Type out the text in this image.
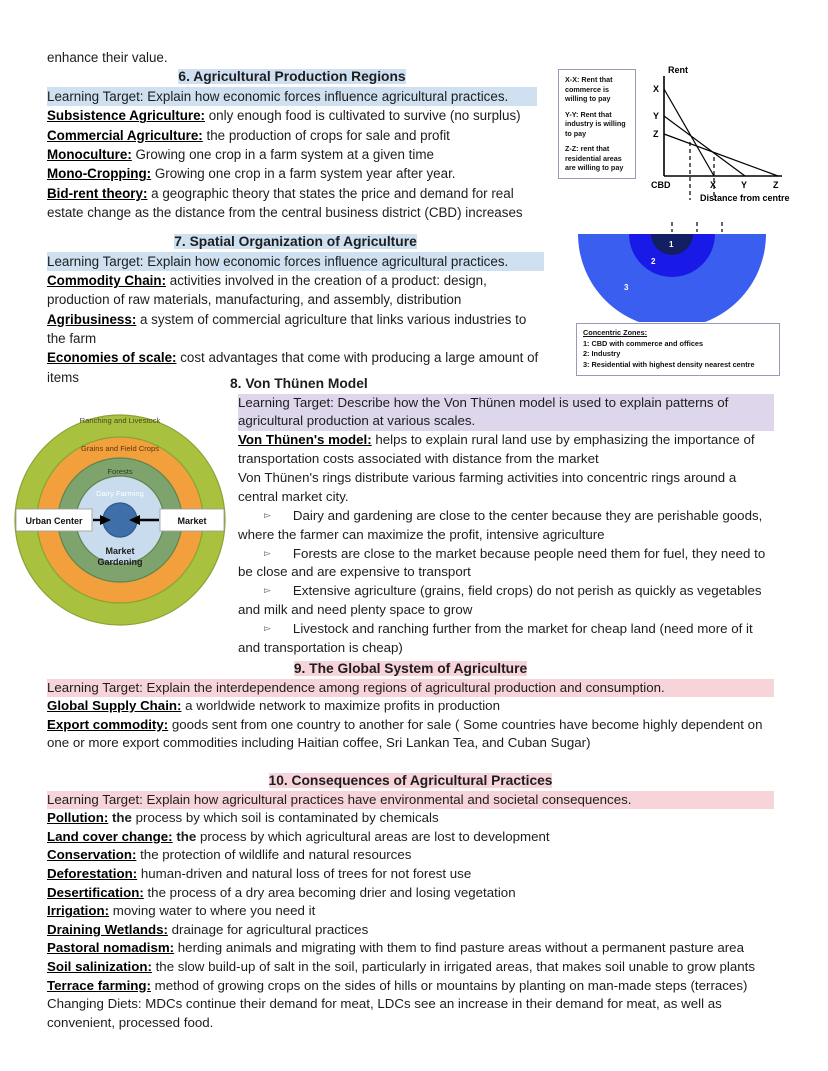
enhance their value.
6. Agricultural Production Regions
Learning Target: Explain how economic forces influence agricultural practices.
Subsistence Agriculture: only enough food is cultivated to survive (no surplus)
Commercial Agriculture: the production of crops for sale and profit
Monoculture: Growing one crop in a farm system at a given time
Mono-Cropping: Growing one crop in a farm system year after year.
Bid-rent theory: a geographic theory that states the price and demand for real estate change as the distance from the central business district (CBD) increases
7. Spatial Organization of Agriculture
Learning Target: Explain how economic forces influence agricultural practices.
Commodity Chain: activities involved in the creation of a product: design, production of raw materials, manufacturing, and assembly, distribution
Agribusiness: a system of commercial agriculture that links various industries to the farm
Economies of scale: cost advantages that come with producing a large amount of items	8. Von Thünen Model
Learning Target: Describe how the Von Thünen model is used to explain patterns of agricultural production at various scales.
Von Thünen's model: helps to explain rural land use by emphasizing the importance of transportation costs associated with distance from the market
Von Thünen's rings distribute various farming activities into concentric rings around a central market city.
▻ Dairy and gardening are close to the center because they are perishable goods, where the farmer can maximize the profit, intensive agriculture
▻ Forests are close to the market because people need them for fuel, they need to be close and are expensive to transport
▻ Extensive agriculture (grains, field crops) do not perish as quickly as vegetables and milk and need plenty space to grow
▻ Livestock and ranching further from the market for cheap land (need more of it and transportation is cheap)
9. The Global System of Agriculture
Learning Target: Explain the interdependence among regions of agricultural production and consumption.
Global Supply Chain: a worldwide network to maximize profits in production
Export commodity: goods sent from one country to another for sale ( Some countries have become highly dependent on one or more export commodities including Haitian coffee, Sri Lankan Tea, and Cuban Sugar)
10. Consequences of Agricultural Practices
Learning Target: Explain how agricultural practices have environmental and societal consequences.
Pollution: the process by which soil is contaminated by chemicals
Land cover change: the process by which agricultural areas are lost to development
Conservation: the protection of wildlife and natural resources
Deforestation: human-driven and natural loss of trees for not forest use
Desertification: the process of a dry area becoming drier and losing vegetation
Irrigation: moving water to where you need it
Draining Wetlands: drainage for agricultural practices
Pastoral nomadism: herding animals and migrating with them to find pasture areas without a permanent pasture area
Soil salinization: the slow build-up of salt in the soil, particularly in irrigated areas, that makes soil unable to grow plants
Terrace farming: method of growing crops on the sides of hills or mountains by planting on man-made steps (terraces)
Changing Diets: MDCs continue their demand for meat, LDCs see an increase in their demand for meat, as well as convenient, processed food.

X-X: Rent that commerce is willing to pay

Y-Y: Rent that industry is willing to pay

Z-Z: rent that residential areas are willing to pay

Rent
X
Y
Z
CBD	X	Y	Z
Distance from centre
1
2
3
Concentric Zones:
1: CBD with commerce and offices
2: Industry
3: Residential with highest density nearest centre
Ranching and Livestock
Grains and Field Crops
Forests
Dairy Farming
Market
Gardening
Urban Center	Market
